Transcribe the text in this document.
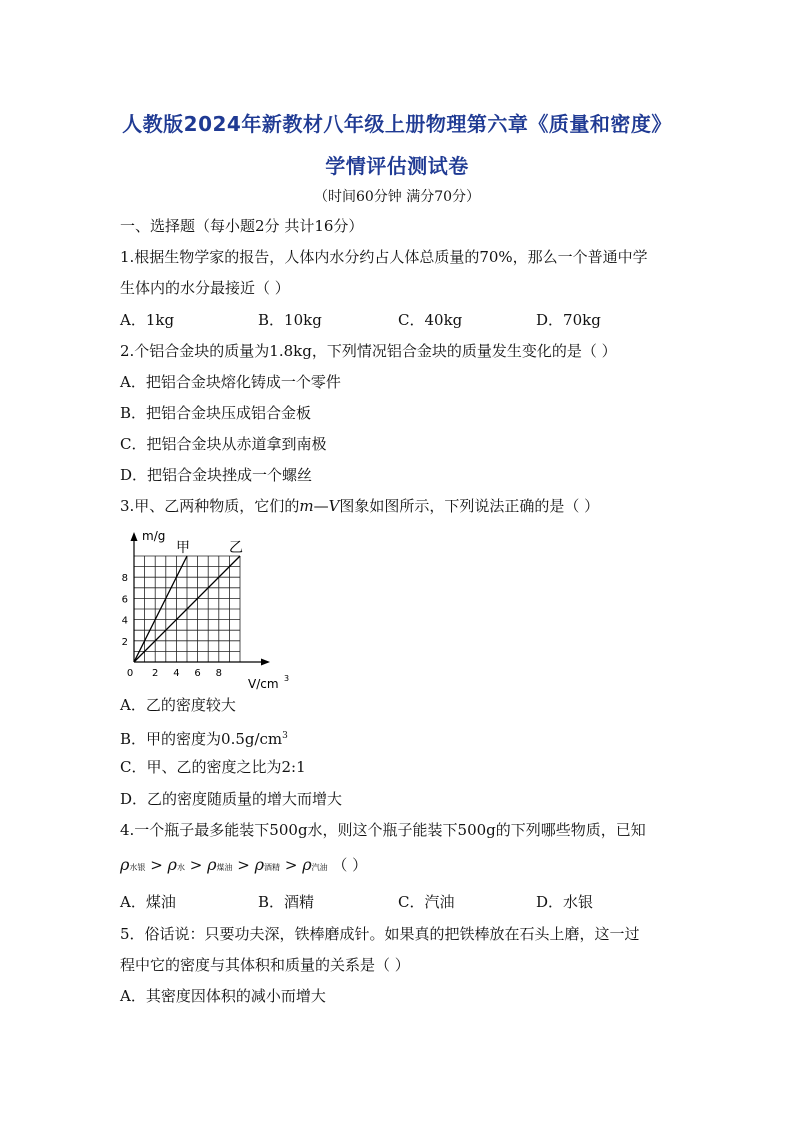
人教版2024年新教材八年级上册物理第六章《质量和密度》
学情评估测试卷
（时间60分钟 满分70分）
一、选择题（每小题2分 共计16分）
1.根据生物学家的报告，人体内水分约占人体总质量的70%，那么一个普通中学
生体内的水分最接近（ ）
A．1kg	B．10kg	C．40kg	D．70kg
2.个铝合金块的质量为1.8kg，下列情况铝合金块的质量发生变化的是（ ）
A．把铝合金块熔化铸成一个零件
B．把铝合金块压成铝合金板
C．把铝合金块从赤道拿到南极
D．把铝合金块挫成一个螺丝
3.甲、乙两种物质，它们的m—V图象如图所示，下列说法正确的是（ ）
甲	乙
0 2 4 6 8
2
4
6
8
m/g
V/cm 3
A．乙的密度较大
B．甲的密度为$0.5g/cm^3$
C．甲、乙的密度之比为2:1
D．乙的密度随质量的增大而增大
4.一个瓶子最多能装下500g水，则这个瓶子能装下500g的下列哪些物质，已知
ρ水银 > ρ水 > ρ煤油 > ρ酒精 > ρ汽油 （ ）
A．煤油	B．酒精	C．汽油	D．水银
5．俗话说：只要功夫深，铁棒磨成针。如果真的把铁棒放在石头上磨，这一过
程中它的密度与其体积和质量的关系是（ ）
A．其密度因体积的减小而增大
